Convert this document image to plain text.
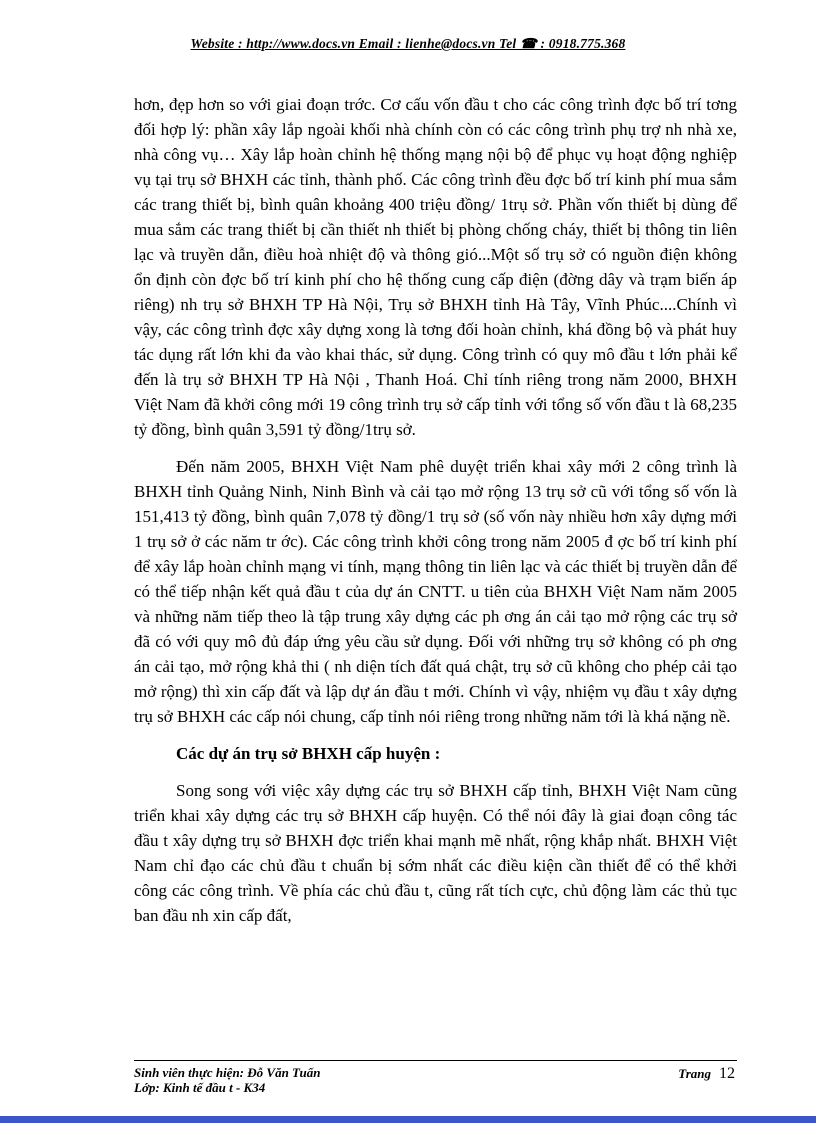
Website : http://www.docs.vn Email : lienhe@docs.vn Tel ☎ : 0918.775.368

hơn, đẹp hơn so với giai đoạn trớc. Cơ cấu vốn đầu t cho các công trình đợc bố trí tơng đối hợp lý: phần xây lắp ngoài khối nhà chính còn có các công trình phụ trợ nh nhà xe, nhà công vụ… Xây lắp hoàn chỉnh hệ thống mạng nội bộ để phục vụ hoạt động nghiệp vụ tại trụ sở BHXH các tỉnh, thành phố. Các công trình đều đợc bố trí kinh phí mua sắm các trang thiết bị, bình quân khoảng 400 triệu đồng/ 1trụ sở. Phần vốn thiết bị dùng để mua sắm các trang thiết bị cần thiết nh thiết bị phòng chống cháy, thiết bị thông tin liên lạc và truyền dẫn, điều hoà nhiệt độ và thông gió...Một số trụ sở có nguồn điện không ổn định còn đợc bố trí kinh phí cho hệ thống cung cấp điện (đờng dây và trạm biến áp riêng) nh trụ sở BHXH TP Hà Nội, Trụ sở BHXH tỉnh Hà Tây, Vĩnh Phúc....Chính vì vậy, các công trình đợc xây dựng xong là tơng đối hoàn chỉnh, khá đồng bộ và phát huy tác dụng rất lớn khi đa vào khai thác, sử dụng. Công trình có quy mô đầu t lớn phải kể đến là trụ sở BHXH TP Hà Nội , Thanh Hoá. Chỉ tính riêng trong năm 2000, BHXH Việt Nam đã khởi công mới 19 công trình trụ sở cấp tỉnh với tổng số vốn đầu t là 68,235 tỷ đồng, bình quân 3,591 tỷ đồng/1trụ sở.

Đến năm 2005, BHXH Việt Nam phê duyệt triển khai xây mới 2 công trình là BHXH tỉnh Quảng Ninh, Ninh Bình và cải tạo mở rộng 13 trụ sở cũ với tổng số vốn là 151,413 tỷ đồng, bình quân 7,078 tỷ đồng/1 trụ sở (số vốn này nhiều hơn xây dựng mới 1 trụ sở ở các năm tr ớc). Các công trình khởi công trong năm 2005 đ ợc bố trí kinh phí để xây lắp hoàn chỉnh mạng vi tính, mạng thông tin liên lạc và các thiết bị truyền dẫn để có thể tiếp nhận kết quả đầu t của dự án CNTT. u tiên của BHXH Việt Nam năm 2005 và những năm tiếp theo là tập trung xây dựng các ph ơng án cải tạo mở rộng các trụ sở đã có với quy mô đủ đáp ứng yêu cầu sử dụng. Đối với những trụ sở không có ph ơng án cải tạo, mở rộng khả thi ( nh diện tích đất quá chật, trụ sở cũ không cho phép cải tạo mở rộng) thì xin cấp đất và lập dự án đầu t mới. Chính vì vậy, nhiệm vụ đầu t xây dựng trụ sở BHXH các cấp nói chung, cấp tỉnh nói riêng trong những năm tới là khá nặng nề.

Các dự án trụ sở BHXH cấp huyện :

Song song với việc xây dựng các trụ sở BHXH cấp tỉnh, BHXH Việt Nam cũng triển khai xây dựng các trụ sở BHXH cấp huyện. Có thể nói đây là giai đoạn công tác đầu t xây dựng trụ sở BHXH đợc triển khai mạnh mẽ nhất, rộng khắp nhất. BHXH Việt Nam chỉ đạo các chủ đầu t chuẩn bị sớm nhất các điều kiện cần thiết để có thể khởi công các công trình. Về phía các chủ đầu t, cũng rất tích cực, chủ động làm các thủ tục ban đầu nh xin cấp đất,

Sinh viên thực hiện: Đỗ Văn Tuấn
Lớp: Kinh tế đầu t - K34
Trang 12
